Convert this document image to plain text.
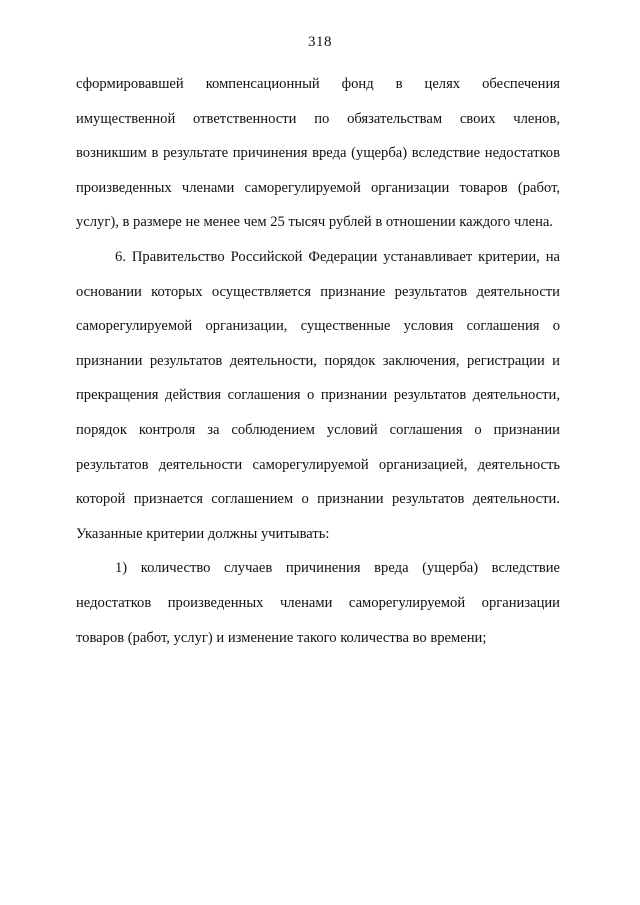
318

сформировавшей компенсационный фонд в целях обеспечения имущественной ответственности по обязательствам своих членов, возникшим в результате причинения вреда (ущерба) вследствие недостатков произведенных членами саморегулируемой организации товаров (работ, услуг), в размере не менее чем 25 тысяч рублей в отношении каждого члена.

6. Правительство Российской Федерации устанавливает критерии, на основании которых осуществляется признание результатов деятельности саморегулируемой организации, существенные условия соглашения о признании результатов деятельности, порядок заключения, регистрации и прекращения действия соглашения о признании результатов деятельности, порядок контроля за соблюдением условий соглашения о признании результатов деятельности саморегулируемой организацией, деятельность которой признается соглашением о признании результатов деятельности. Указанные критерии должны учитывать:

1) количество случаев причинения вреда (ущерба) вследствие недостатков произведенных членами саморегулируемой организации товаров (работ, услуг) и изменение такого количества во времени;
